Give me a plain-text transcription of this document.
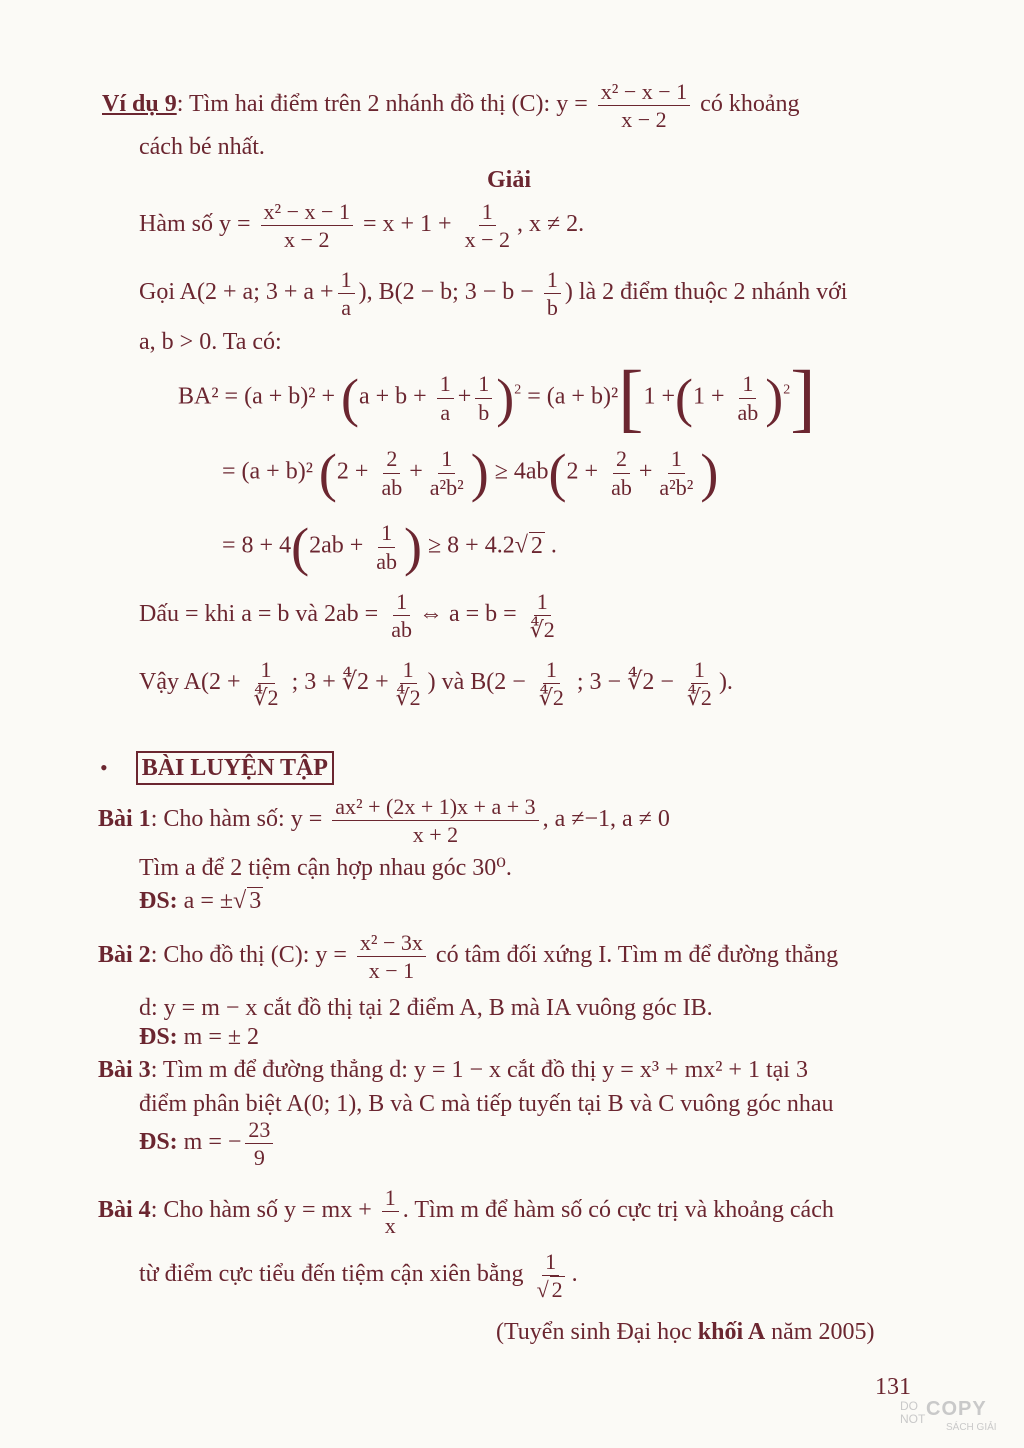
Ví dụ 9: Tìm hai điểm trên 2 nhánh đồ thị (C): $y = \frac{\text{x² − x − 1}}{x - 2}$ có khoảng
cách bé nhất.
Giải
Hàm số $y = \frac{\text{x² − x − 1}}{x - 2} = x + 1 + \frac{1}{x - 2}$ , x ≠ 2.
Gọi A(2 + a; $3 + a + \frac{1}{a}$ ), B(2 − b; $3 - b - \frac{1}{b}$ ) là 2 điểm thuộc 2 nhánh với
a, b > 0. Ta có:
$BA^2 = (a + b)^2 + (a + b + \frac{1}{a} + \frac{1}{b} )^2 = (a + b)^2[1 +(1 + \frac{1}{ab} )^2]$
= (a + b)² ($2 + \frac{2}{ab} + \frac{1}{\text{a²b²}}$ ) ≥ $4ab(2 + \frac{2}{ab} + \frac{1}{\text{a²b²}}$ )
= $8 + 4(2ab + \frac{1}{ab}$ ) ≥ 8 + 4.2√ 2 .
Dấu = khi a = b và $2ab = \frac{1}{ab}$ ⇔ $a = b = \frac{1}{∜2}$
Vậy $A(2 + \frac{1}{∜2}$ ; 3 + ∜2 + $\frac{1}{∜2}$ ) và $B(2 - \frac{1}{∜2}$ ; 3 − ∜2 − $\frac{1}{∜2}$ ).
• BÀI LUYỆN TẬP
Bài 1: Cho hàm số: $y = \frac{\text{ax² + (2x + 1)x + a + 3}}{x + 2}$ , a ≠−1, a ≠ 0
Tìm a để 2 tiệm cận hợp nhau góc 30⁰.
ĐS: a = ±√ 3
Bài 2: Cho đồ thị (C): $y = \frac{\text{x² − 3x}}{x - 1}$ có tâm đối xứng I. Tìm m để đường thẳng
d: y = m − x cắt đồ thị tại 2 điểm A, B mà IA vuông góc IB.
ĐS: m = ± 2
Bài 3: Tìm m để đường thẳng d: y = 1 − x cắt đồ thị y = x³ + mx² + 1 tại 3
điểm phân biệt A(0; 1), B và C mà tiếp tuyến tại B và C vuông góc nhau
ĐS: m = − $\frac{23}{9}$
Bài 4: Cho hàm số y = mx + $\frac{1}{x}$ . Tìm m để hàm số có cực trị và khoảng cách
từ điểm cực tiểu đến tiệm cận xiên bằng $\frac{1}{√ 2}$ .
(Tuyển sinh Đại học khối A năm 2005)
131
DO
NOT COPY
SÁCH GIẢI
